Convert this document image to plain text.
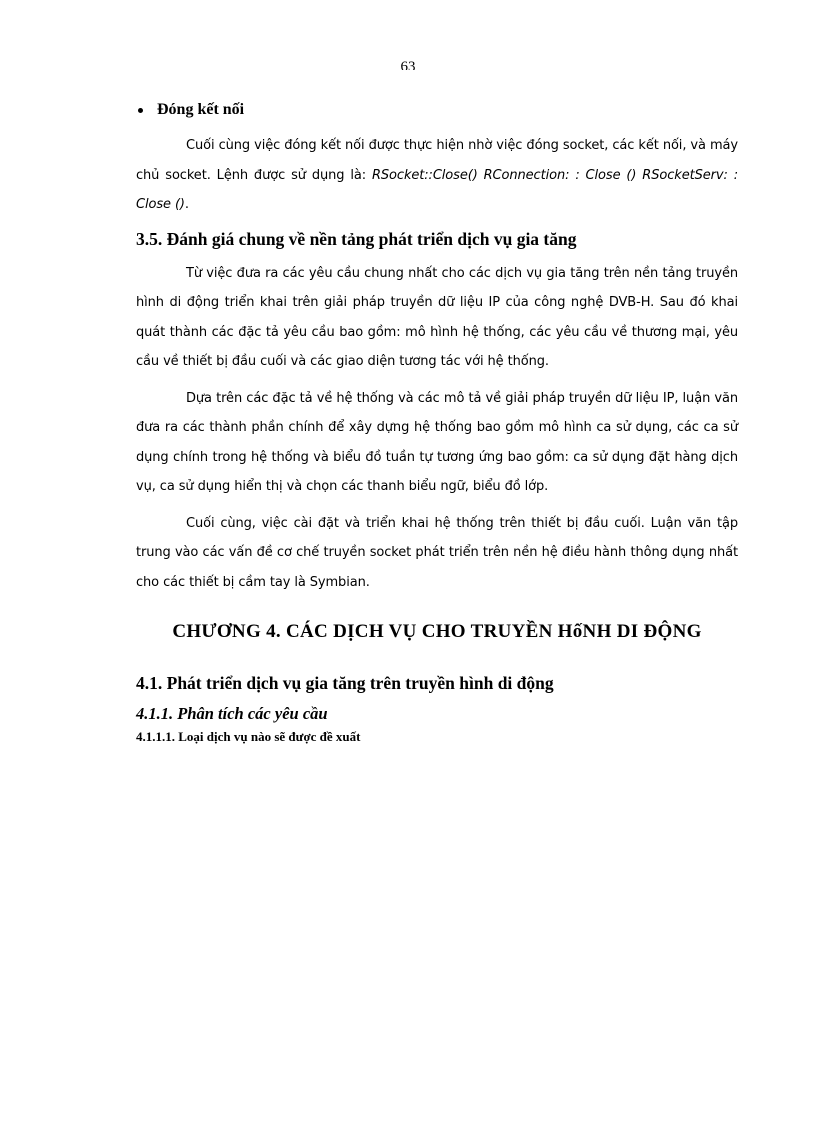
63
Đóng kết nối

Cuối cùng việc đóng kết nối được thực hiện nhờ việc đóng socket, các kết nối, và máy chủ socket. Lệnh được sử dụng là: RSocket::Close() RConnection: : Close () RSocketServ: : Close ().

3.5. Đánh giá chung về nền tảng phát triển dịch vụ gia tăng

Từ việc đưa ra các yêu cầu chung nhất cho các dịch vụ gia tăng trên nền tảng truyền hình di động triển khai trên giải pháp truyền dữ liệu IP của công nghệ DVB-H. Sau đó khai quát thành các đặc tả yêu cầu bao gồm: mô hình hệ thống, các yêu cầu về thương mại, yêu cầu về thiết bị đầu cuối và các giao diện tương tác với hệ thống.

Dựa trên các đặc tả về hệ thống và các mô tả về giải pháp truyền dữ liệu IP, luận văn đưa ra các thành phần chính để xây dựng hệ thống bao gồm mô hình ca sử dụng, các ca sử dụng chính trong hệ thống và biểu đồ tuần tự tương ứng bao gồm: ca sử dụng đặt hàng dịch vụ, ca sử dụng hiển thị và chọn các thanh biểu ngữ, biểu đồ lớp.

Cuối cùng, việc cài đặt và triển khai hệ thống trên thiết bị đầu cuối. Luận văn tập trung vào các vấn đề cơ chế truyền socket phát triển trên nền hệ điều hành thông dụng nhất cho các thiết bị cầm tay là Symbian.

CHƯƠNG 4. CÁC DỊCH VỤ CHO TRUYỀN HốNH DI ĐỘNG
4.1. Phát triển dịch vụ gia tăng trên truyền hình di động
4.1.1. Phân tích các yêu cầu
4.1.1.1. Loại dịch vụ nào sẽ được đề xuất
